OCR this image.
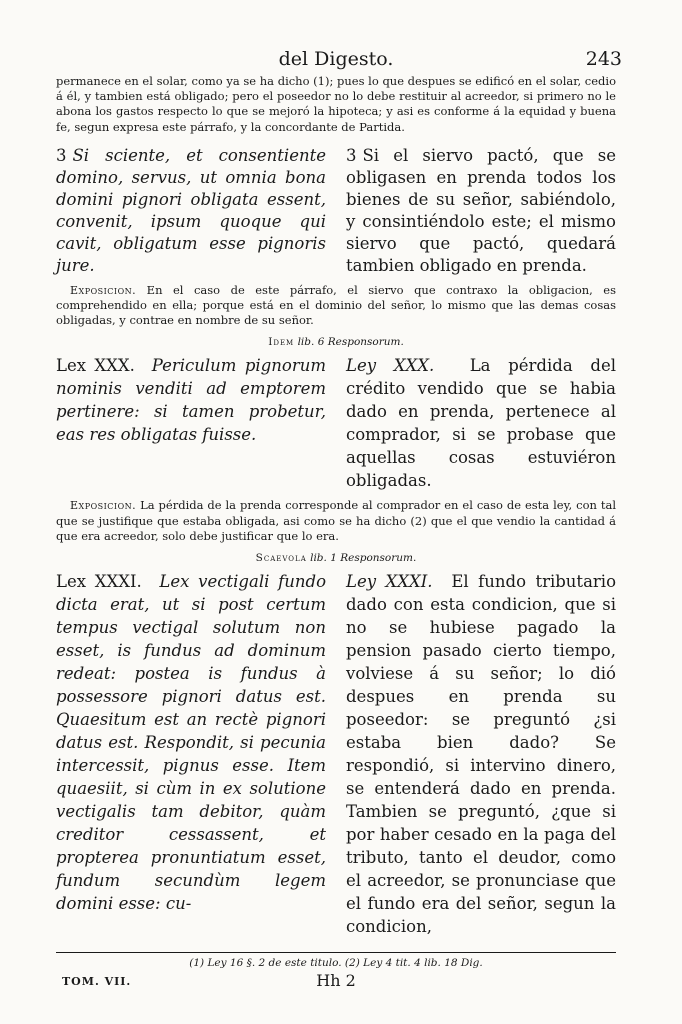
del Digesto.	243

permanece en el solar, como ya se ha dicho (1); pues lo que despues se edificó en el solar, cedio á él, y tambien está obligado; pero el poseedor no lo debe restituir al acreedor, si primero no le abona los gastos respecto lo que se mejoró la hipoteca; y asi es conforme á la equidad y buena fe, segun expresa este párrafo, y la concordante de Partida.

3 Si sciente, et consentiente domino, servus, ut omnia bona domini pignori obligata essent, convenit, ipsum quoque qui cavit, obligatum esse pignoris jure.

3 Si el siervo pactó, que se obligasen en prenda todos los bienes de su señor, sabiéndolo, y consintiéndolo este; el mismo siervo que pactó, quedará tambien obligado en prenda.

Exposicion. En el caso de este párrafo, el siervo que contraxo la obligacion, es comprehendido en ella; porque está en el dominio del señor, lo mismo que las demas cosas obligadas, y contrae en nombre de su señor.

Idem lib. 6 Responsorum.

Lex XXX. Periculum pignorum nominis venditi ad emptorem pertinere: si tamen probetur, eas res obligatas fuisse.

Ley XXX. La pérdida del crédito vendido que se habia dado en prenda, pertenece al comprador, si se probase que aquellas cosas estuviéron obligadas.

Exposicion. La pérdida de la prenda corresponde al comprador en el caso de esta ley, con tal que se justifique que estaba obligada, asi como se ha dicho (2) que el que vendio la cantidad á que era acreedor, solo debe justificar que lo era.

Scaevola lib. 1 Responsorum.

Lex XXXI. Lex vectigali fundo dicta erat, ut si post certum tempus vectigal solutum non esset, is fundus ad dominum redeat: postea is fundus à possessore pignori datus est. Quaesitum est an rectè pignori datus est. Respondit, si pecunia intercessit, pignus esse. Item quaesiit, si cùm in ex solutione vectigalis tam debitor, quàm creditor cessassent, et propterea pronuntiatum esset, fundum secundùm legem domini esse: cu-

Ley XXXI. El fundo tributario dado con esta condicion, que si no se hubiese pagado la pension pasado cierto tiempo, volviese á su señor; lo dió despues en prenda su poseedor: se preguntó ¿si estaba bien dado? Se respondió, si intervino dinero, se entenderá dado en prenda. Tambien se preguntó, ¿que si por haber cesado en la paga del tributo, tanto el deudor, como el acreedor, se pronunciase que el fundo era del señor, segun la condicion,

(1) Ley 16 §. 2 de este titulo. (2) Ley 4 tit. 4 lib. 18 Dig.
TOM. VII.	Hh 2
